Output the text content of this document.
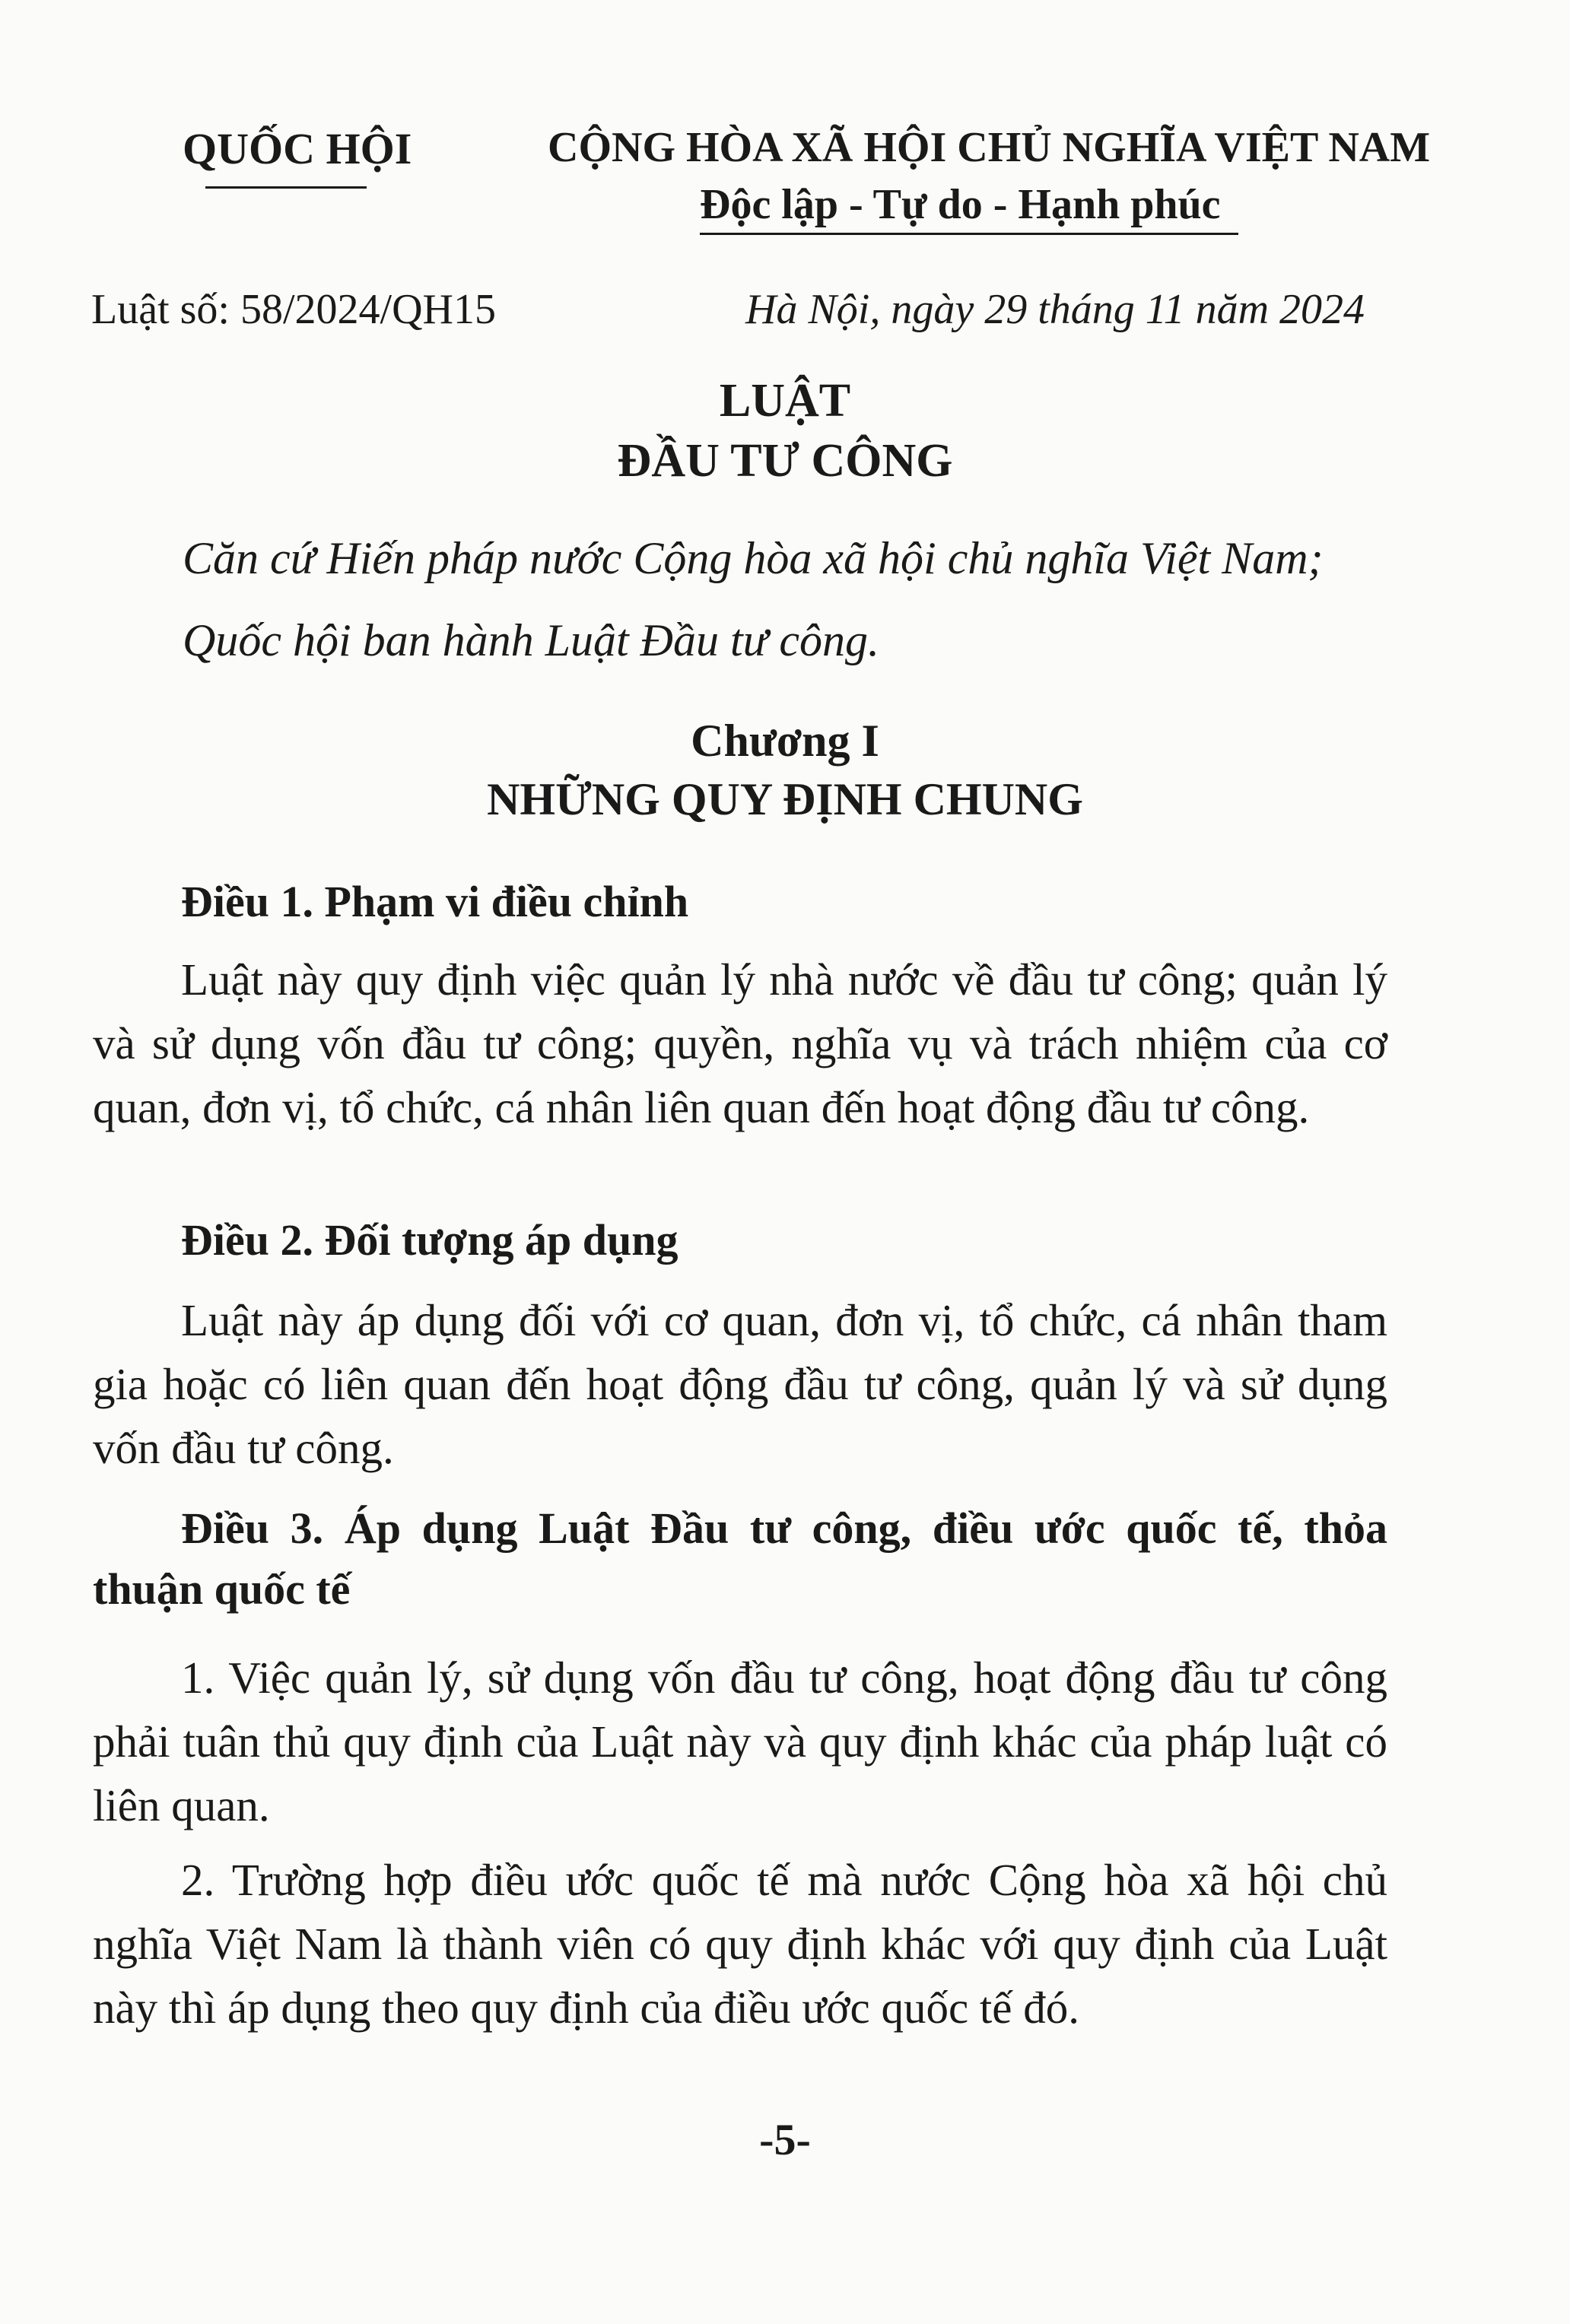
QUỐC HỘI	CỘNG HÒA XÃ HỘI CHỦ NGHĨA VIỆT NAM

Độc lập - Tự do - Hạnh phúc

Luật số: 58/2024/QH15	Hà Nội, ngày 29 tháng 11 năm 2024

LUẬT

ĐẦU TƯ CÔNG

Căn cứ Hiến pháp nước Cộng hòa xã hội chủ nghĩa Việt Nam;

Quốc hội ban hành Luật Đầu tư công.

Chương I

NHỮNG QUY ĐỊNH CHUNG

Điều 1. Phạm vi điều chỉnh

Luật này quy định việc quản lý nhà nước về đầu tư công; quản lý và sử dụng vốn đầu tư công; quyền, nghĩa vụ và trách nhiệm của cơ quan, đơn vị, tổ chức, cá nhân liên quan đến hoạt động đầu tư công.

Điều 2. Đối tượng áp dụng

Luật này áp dụng đối với cơ quan, đơn vị, tổ chức, cá nhân tham gia hoặc có liên quan đến hoạt động đầu tư công, quản lý và sử dụng vốn đầu tư công.

Điều 3. Áp dụng Luật Đầu tư công, điều ước quốc tế, thỏa thuận quốc tế

1. Việc quản lý, sử dụng vốn đầu tư công, hoạt động đầu tư công phải tuân thủ quy định của Luật này và quy định khác của pháp luật có liên quan.

2. Trường hợp điều ước quốc tế mà nước Cộng hòa xã hội chủ nghĩa Việt Nam là thành viên có quy định khác với quy định của Luật này thì áp dụng theo quy định của điều ước quốc tế đó.

-5-
